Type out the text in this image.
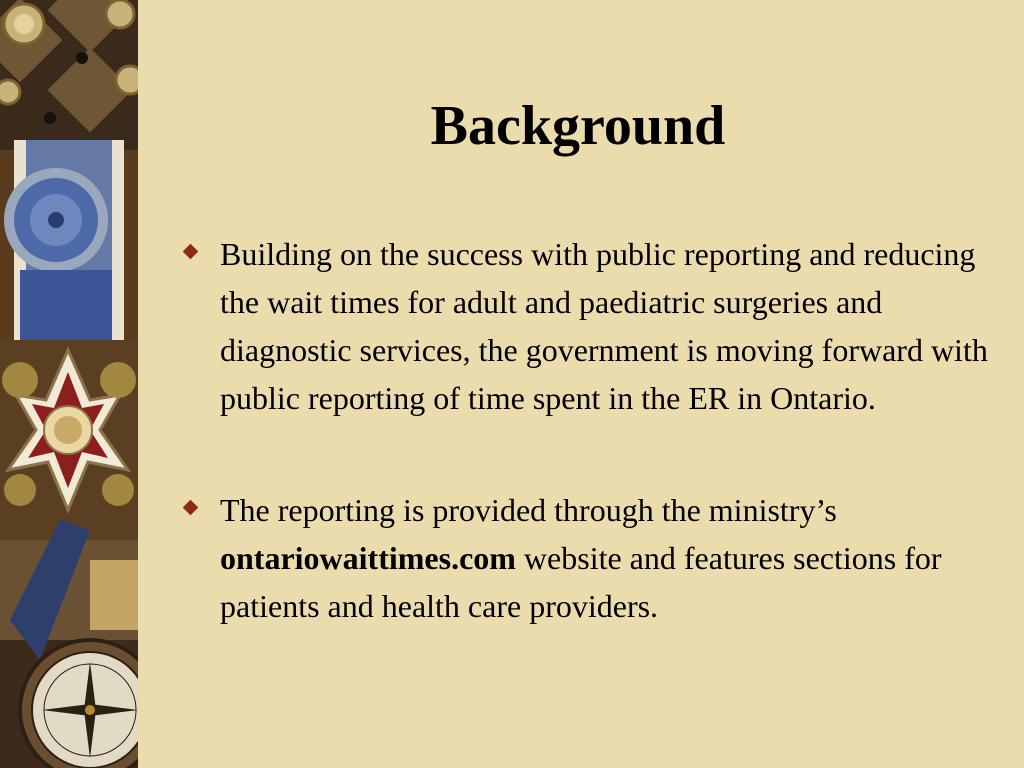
Background
Building on the success with public reporting and reducing the wait times for adult and paediatric surgeries and diagnostic services, the government is moving forward with public reporting of time spent in the ER in Ontario.
The reporting is provided through the ministry’s ontariowaittimes.com website and features sections for patients and health care providers.
